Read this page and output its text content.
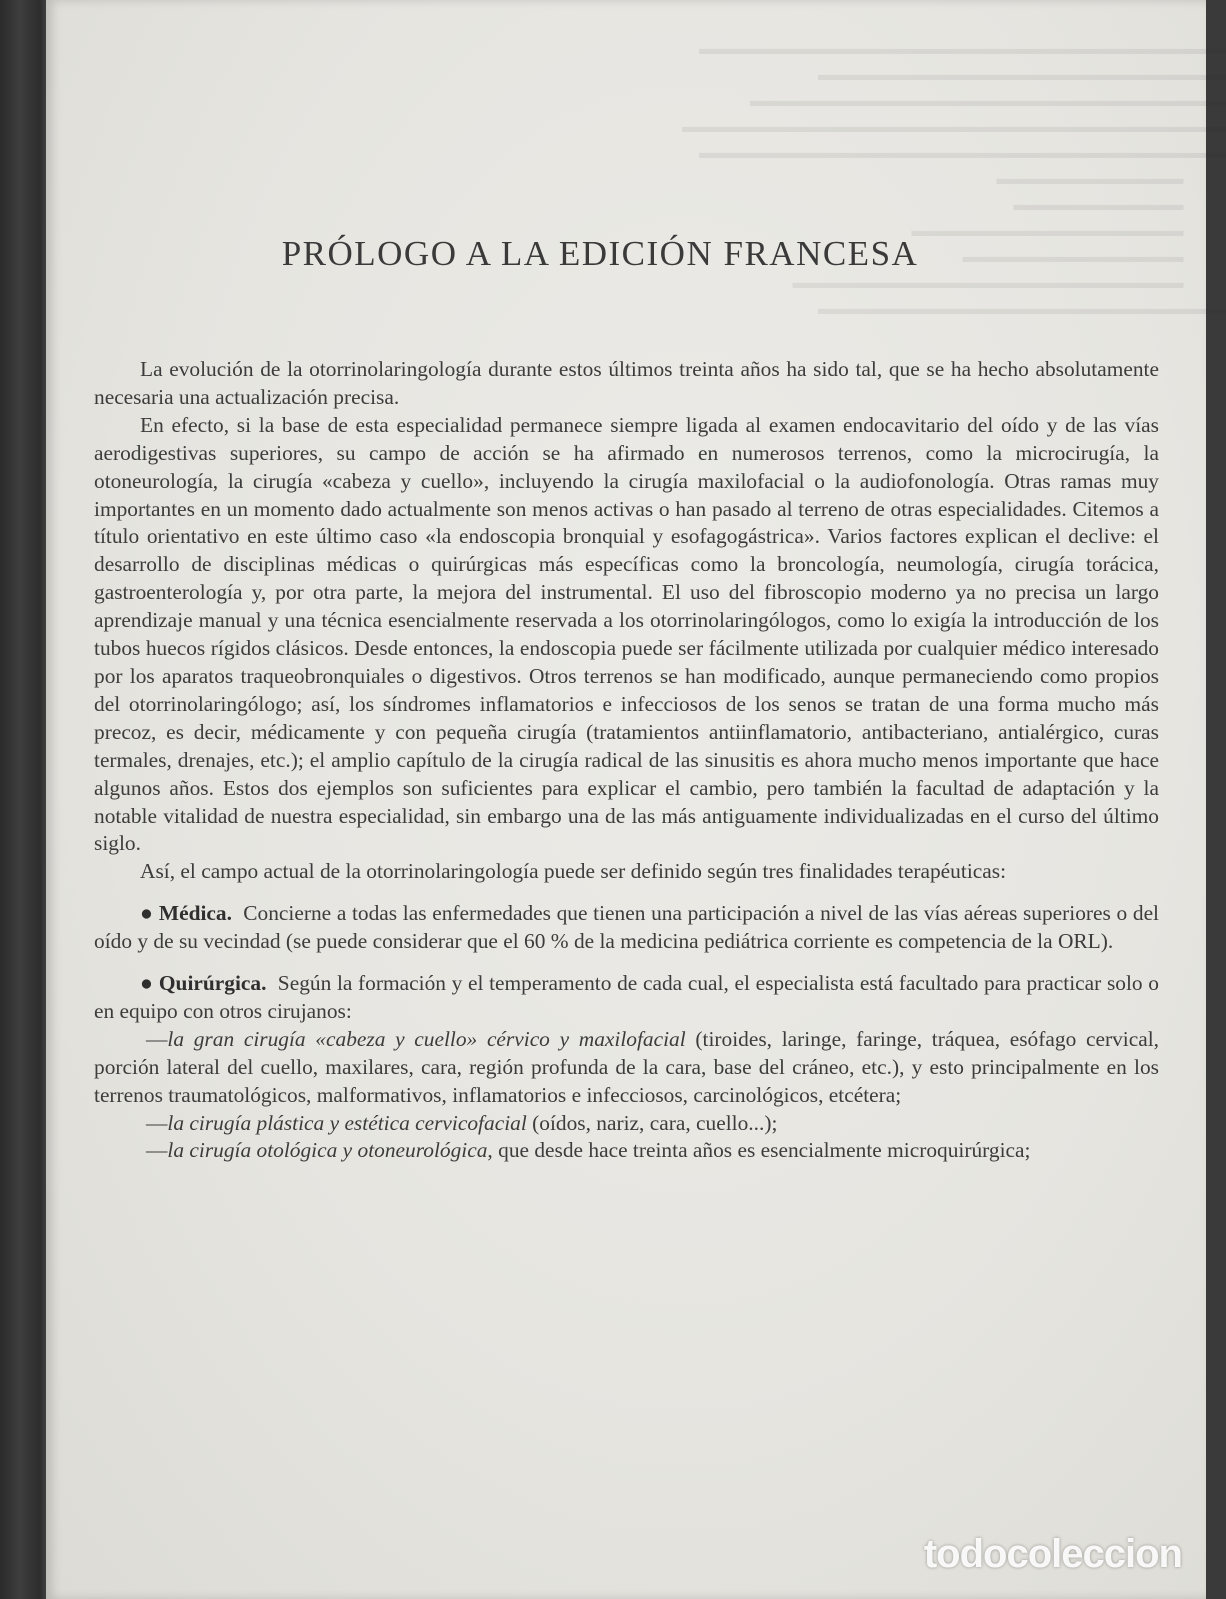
▬▬▬▬▬▬▬▬▬▬▬▬▬▬▬▬▬▬▬▬▬▬▬▬▬▬▬▬▬▬▬
▬▬▬▬▬▬▬▬▬▬▬▬▬▬▬▬▬▬▬▬▬▬▬▬
▬▬▬▬▬▬▬▬▬▬▬▬▬▬▬▬▬▬▬▬▬▬▬▬▬▬▬▬
▬▬▬▬▬▬▬▬▬▬▬▬▬▬▬▬▬▬▬▬▬▬▬▬▬▬▬▬▬▬▬▬
▬▬▬▬▬▬▬▬▬▬▬▬▬▬▬▬▬▬▬▬▬▬▬▬▬▬▬▬▬▬▬
▬▬▬▬▬▬▬▬▬▬▬
▬▬▬▬▬▬▬▬▬▬
▬▬▬▬▬▬▬▬▬▬▬▬▬▬▬▬
▬▬▬▬▬▬▬▬▬▬▬▬▬
▬▬▬▬▬▬▬▬▬▬▬▬▬▬▬▬▬▬▬▬▬▬▬
▬▬▬▬▬▬▬▬▬▬▬▬▬▬▬▬▬▬▬▬▬▬▬▬

PRÓLOGO A LA EDICIÓN FRANCESA

La evolución de la otorrinolaringología durante estos últimos treinta años ha sido tal, que se ha hecho absolutamente necesaria una actualización precisa.

En efecto, si la base de esta especialidad permanece siempre ligada al examen endocavitario del oído y de las vías aerodigestivas superiores, su campo de acción se ha afirmado en numerosos terrenos, como la microcirugía, la otoneurología, la cirugía «cabeza y cuello», incluyendo la cirugía maxilofacial o la audiofonología. Otras ramas muy importantes en un momento dado actualmente son menos activas o han pasado al terreno de otras especialidades. Citemos a título orientativo en este último caso «la endoscopia bronquial y esofagogástrica». Varios factores explican el declive: el desarrollo de disciplinas médicas o quirúrgicas más específicas como la broncología, neumología, cirugía torácica, gastroenterología y, por otra parte, la mejora del instrumental. El uso del fibroscopio moderno ya no precisa un largo aprendizaje manual y una técnica esencialmente reservada a los otorrinolaringólogos, como lo exigía la introducción de los tubos huecos rígidos clásicos. Desde entonces, la endoscopia puede ser fácilmente utilizada por cualquier médico interesado por los aparatos traqueobronquiales o digestivos. Otros terrenos se han modificado, aunque permaneciendo como propios del otorrinolaringólogo; así, los síndromes inflamatorios e infecciosos de los senos se tratan de una forma mucho más precoz, es decir, médicamente y con pequeña cirugía (tratamientos antiinflamatorio, antibacteriano, antialérgico, curas termales, drenajes, etc.); el amplio capítulo de la cirugía radical de las sinusitis es ahora mucho menos importante que hace algunos años. Estos dos ejemplos son suficientes para explicar el cambio, pero también la facultad de adaptación y la notable vitalidad de nuestra especialidad, sin embargo una de las más antiguamente individualizadas en el curso del último siglo.

Así, el campo actual de la otorrinolaringología puede ser definido según tres finalidades terapéuticas:

● Médica. Concierne a todas las enfermedades que tienen una participación a nivel de las vías aéreas superiores o del oído y de su vecindad (se puede considerar que el 60 % de la medicina pediátrica corriente es competencia de la ORL).

● Quirúrgica. Según la formación y el temperamento de cada cual, el especialista está facultado para practicar solo o en equipo con otros cirujanos:

—la gran cirugía «cabeza y cuello» cérvico y maxilofacial (tiroides, laringe, faringe, tráquea, esófago cervical, porción lateral del cuello, maxilares, cara, región profunda de la cara, base del cráneo, etc.), y esto principalmente en los terrenos traumatológicos, malformativos, inflamatorios e infecciosos, carcinológicos, etcétera;

—la cirugía plástica y estética cervicofacial (oídos, nariz, cara, cuello...);

—la cirugía otológica y otoneurológica, que desde hace treinta años es esencialmente microquirúrgica;

todocoleccion
